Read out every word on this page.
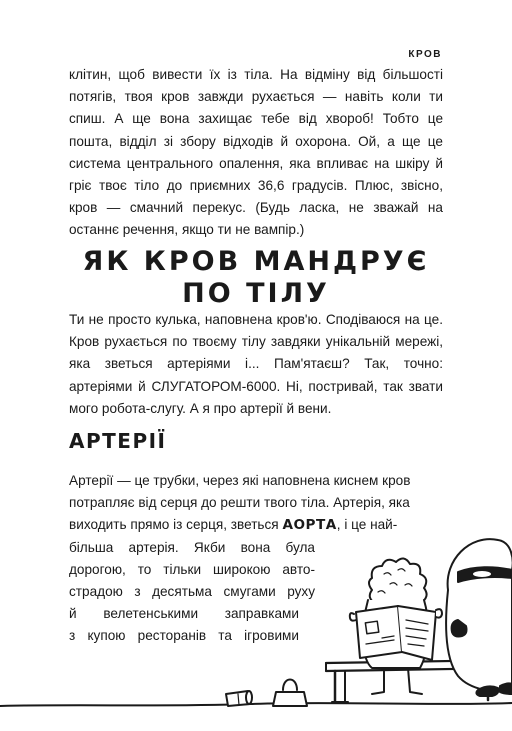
КРОВ
клітин, щоб вивести їх із тіла. На відміну від більшості потягів, твоя кров завжди рухається — навіть коли ти спиш. А ще вона захищає тебе від хвороб! Тобто це пошта, відділ зі збору відходів й охорона. Ой, а ще це система центрального опалення, яка впливає на шкіру й гріє твоє тіло до приємних 36,6 градусів. Плюс, звісно, кров — смачний перекус. (Будь ласка, не зважай на останнє речення, якщо ти не вампір.)
ЯК КРОВ МАНДРУЄ
ПО ТІЛУ
Ти не просто кулька, наповнена кров'ю. Сподіваюся на це. Кров рухається по твоєму тілу завдяки унікальній мережі, яка зветься артеріями і... Пам'ятаєш? Так, точно: артеріями й СЛУГАТОРОМ-6000. Ні, постривай, так звати мого робота-слугу. А я про артерії й вени.
АРТЕРІЇ
Артерії — це трубки, через які наповнена киснем кров
потрапляє від серця до решти твого тіла. Артерія, яка
виходить прямо із серця, зветься АОРТА, і це най-
більша артерія. Якби вона була
дорогою, то тільки широкою авто-
страдою з десятьма смугами руху
й велетенськими заправками
з купою ресторанів та ігровими
